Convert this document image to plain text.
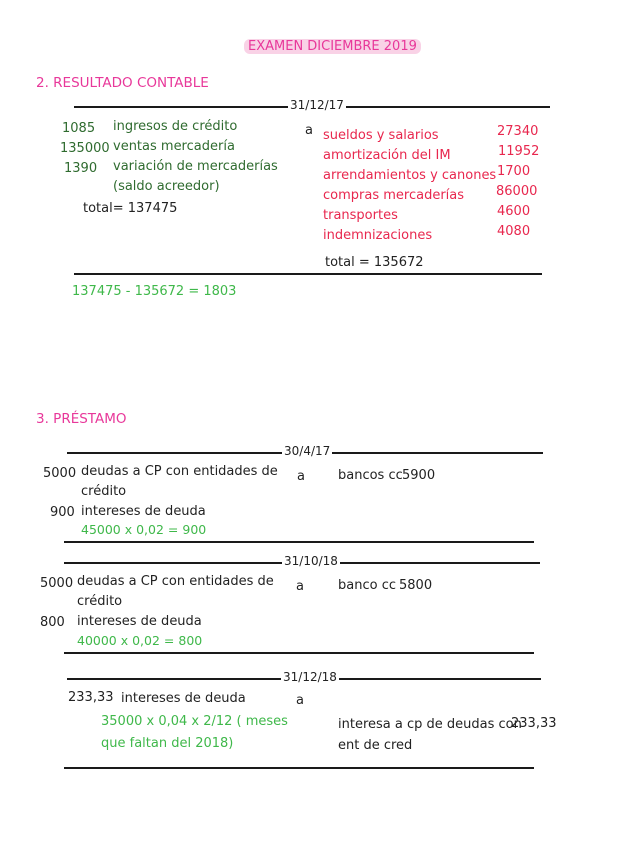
EXAMEN DICIEMBRE 2019
2. RESULTADO CONTABLE
31/12/17
1085 ingresos de crédito
135000 ventas mercadería
1390 variación de mercaderías
(saldo acreedor)
total= 137475
a sueldos y salarios	27340
amortización del IM	11952
arrendamientos y canones 1700
compras mercaderías 86000
transportes	4600
indemnizaciones	4080
total = 135672
137475 - 135672 = 1803
3. PRÉSTAMO
30/4/17
5000 deudas a CP con entidades de
crédito
900 intereses de deuda
45000 x 0,02 = 900
a	bancos cc 5900
31/10/18
5000 deudas a CP con entidades de
crédito
800 intereses de deuda
40000 x 0,02 = 800
a	banco cc 5800
31/12/18
233,33 intereses de deuda	a
35000 x 0,04 x 2/12 ( meses
que faltan del 2018)
interesa a cp de deudas con
ent de cred
233,33
